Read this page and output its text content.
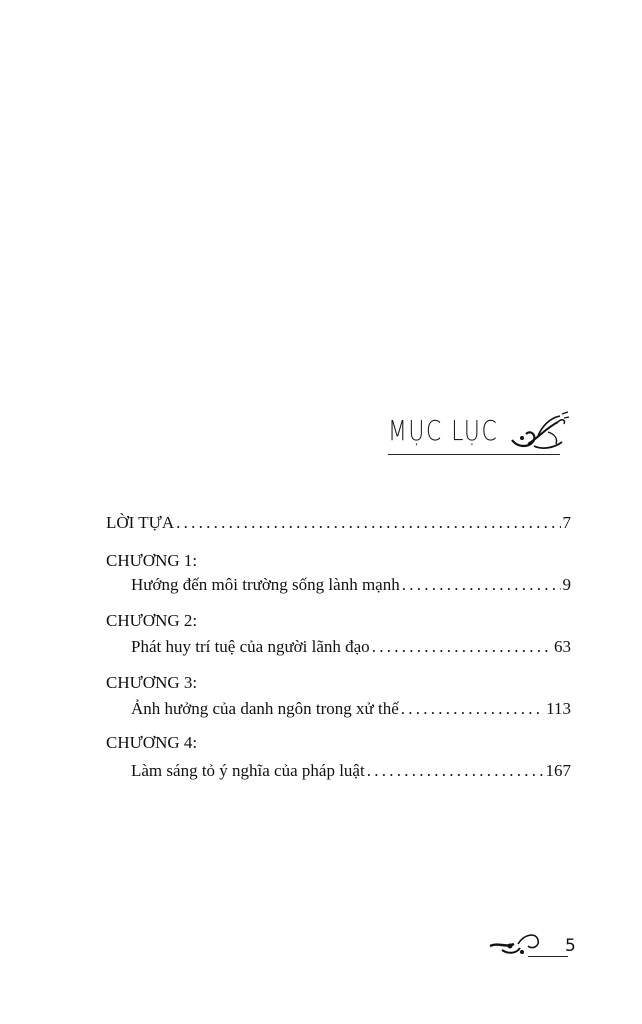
MỤC LỤC
LỜI TỰA . . .	7
CHƯƠNG 1:
Hướng đến môi trường sống lành mạnh . . .	9
CHƯƠNG 2:
Phát huy trí tuệ của người lãnh đạo . . .	63
CHƯƠNG 3:
Ảnh hưởng của danh ngôn trong xử thế . . .	113
CHƯƠNG 4:
Làm sáng tỏ ý nghĩa của pháp luật . . .	167
5
